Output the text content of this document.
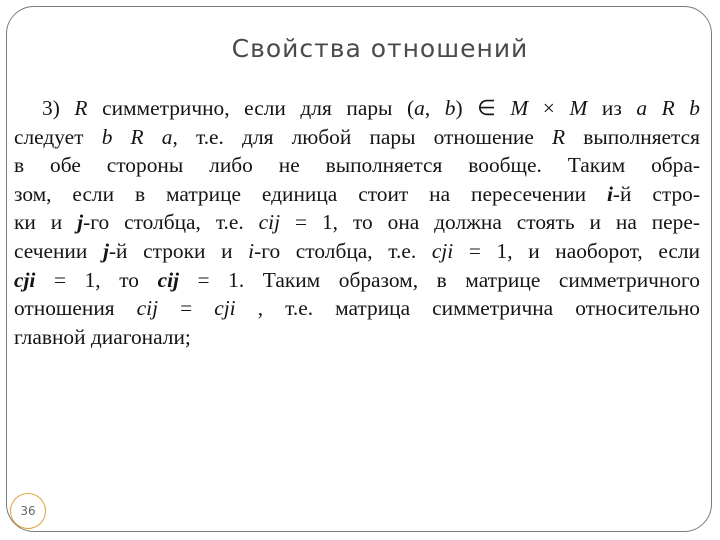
Свойства отношений
3) R симметрично, если для пары (a, b) ∈ M × M из a R b
следует b R a, т.е. для любой пары отношение R выполняется
в обе стороны либо не выполняется вообще. Таким обра-
зом, если в матрице единица стоит на пересечении i-й стро-
ки и j-го столбца, т.е. cij = 1, то она должна стоять и на пере-
сечении j-й строки и i-го столбца, т.е. cji = 1, и наоборот, если
cji = 1, то cij = 1. Таким образом, в матрице симметричного
отношения cij = cji , т.е. матрица симметрична относительно
главной диагонали;
36
